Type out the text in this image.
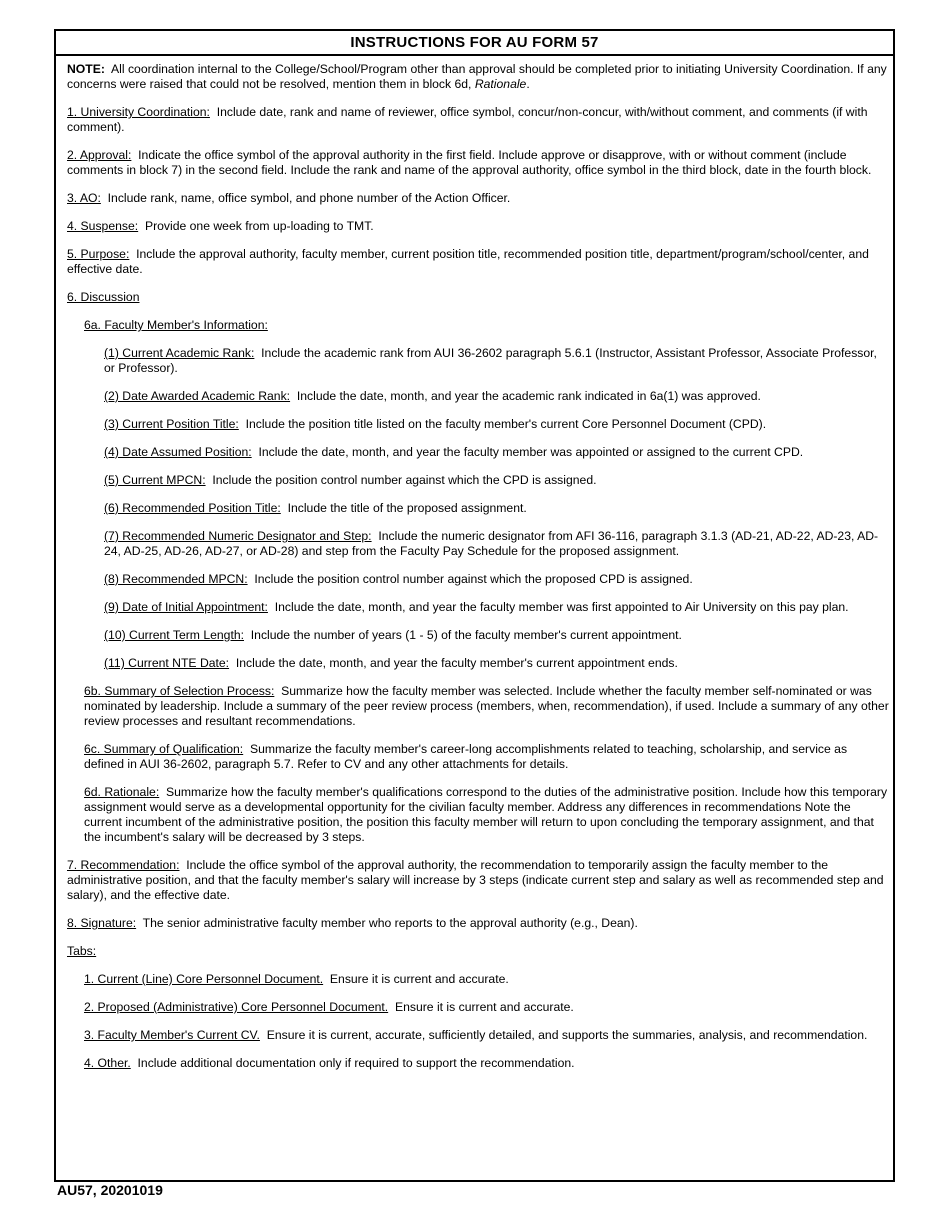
INSTRUCTIONS FOR AU FORM 57

NOTE: All coordination internal to the College/School/Program other than approval should be completed prior to initiating University Coordination. If any concerns were raised that could not be resolved, mention them in block 6d, Rationale.

1. University Coordination: Include date, rank and name of reviewer, office symbol, concur/non-concur, with/without comment, and comments (if with comment).

2. Approval: Indicate the office symbol of the approval authority in the first field. Include approve or disapprove, with or without comment (include comments in block 7) in the second field. Include the rank and name of the approval authority, office symbol in the third block, date in the fourth block.

3. AO: Include rank, name, office symbol, and phone number of the Action Officer.

4. Suspense: Provide one week from up-loading to TMT.

5. Purpose: Include the approval authority, faculty member, current position title, recommended position title, department/program/school/center, and effective date.

6. Discussion

6a. Faculty Member's Information:

(1) Current Academic Rank: Include the academic rank from AUI 36-2602 paragraph 5.6.1 (Instructor, Assistant Professor, Associate Professor, or Professor).

(2) Date Awarded Academic Rank: Include the date, month, and year the academic rank indicated in 6a(1) was approved.

(3) Current Position Title: Include the position title listed on the faculty member's current Core Personnel Document (CPD).

(4) Date Assumed Position: Include the date, month, and year the faculty member was appointed or assigned to the current CPD.

(5) Current MPCN: Include the position control number against which the CPD is assigned.

(6) Recommended Position Title: Include the title of the proposed assignment.

(7) Recommended Numeric Designator and Step: Include the numeric designator from AFI 36-116, paragraph 3.1.3 (AD-21, AD-22, AD-23, AD-24, AD-25, AD-26, AD-27, or AD-28) and step from the Faculty Pay Schedule for the proposed assignment.

(8) Recommended MPCN: Include the position control number against which the proposed CPD is assigned.

(9) Date of Initial Appointment: Include the date, month, and year the faculty member was first appointed to Air University on this pay plan.

(10) Current Term Length: Include the number of years (1 - 5) of the faculty member's current appointment.

(11) Current NTE Date: Include the date, month, and year the faculty member's current appointment ends.

6b. Summary of Selection Process: Summarize how the faculty member was selected. Include whether the faculty member self-nominated or was nominated by leadership. Include a summary of the peer review process (members, when, recommendation), if used. Include a summary of any other review processes and resultant recommendations.

6c. Summary of Qualification: Summarize the faculty member's career-long accomplishments related to teaching, scholarship, and service as defined in AUI 36-2602, paragraph 5.7. Refer to CV and any other attachments for details.

6d. Rationale: Summarize how the faculty member's qualifications correspond to the duties of the administrative position. Include how this temporary assignment would serve as a developmental opportunity for the civilian faculty member. Address any differences in recommendations Note the current incumbent of the administrative position, the position this faculty member will return to upon concluding the temporary assignment, and that the incumbent's salary will be decreased by 3 steps.

7. Recommendation: Include the office symbol of the approval authority, the recommendation to temporarily assign the faculty member to the administrative position, and that the faculty member's salary will increase by 3 steps (indicate current step and salary as well as recommended step and salary), and the effective date.

8. Signature: The senior administrative faculty member who reports to the approval authority (e.g., Dean).

Tabs:

1. Current (Line) Core Personnel Document. Ensure it is current and accurate.

2. Proposed (Administrative) Core Personnel Document. Ensure it is current and accurate.

3. Faculty Member's Current CV. Ensure it is current, accurate, sufficiently detailed, and supports the summaries, analysis, and recommendation.

4. Other. Include additional documentation only if required to support the recommendation.

AU57, 20201019
